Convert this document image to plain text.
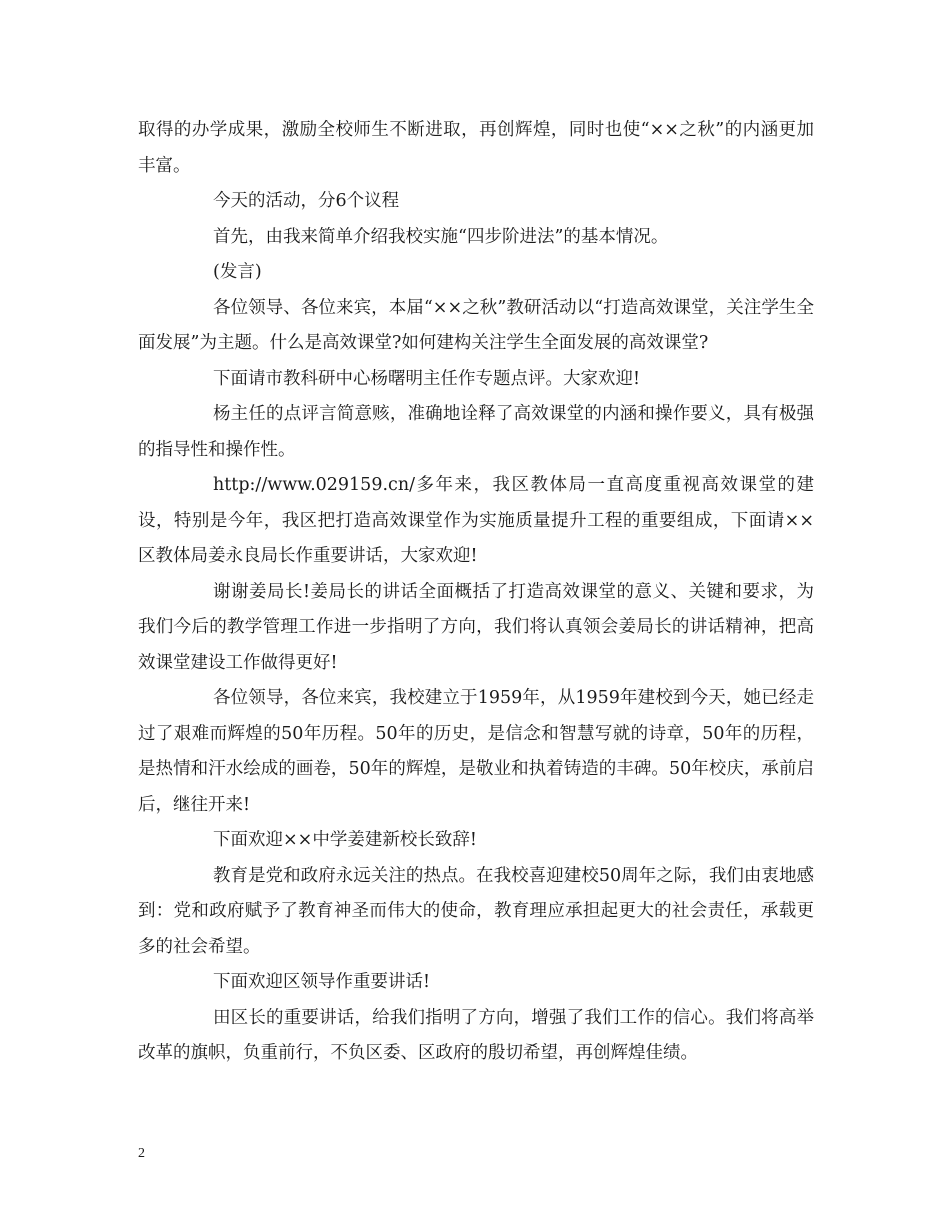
取得的办学成果，激励全校师生不断进取，再创辉煌，同时也使“××之秋”的内涵更加丰富。

今天的活动，分6个议程

首先，由我来简单介绍我校实施“四步阶进法”的基本情况。

(发言)

各位领导、各位来宾，本届“××之秋”教研活动以“打造高效课堂，关注学生全面发展”为主题。什么是高效课堂?如何建构关注学生全面发展的高效课堂?

下面请市教科研中心杨曙明主任作专题点评。大家欢迎!

杨主任的点评言简意赅，准确地诠释了高效课堂的内涵和操作要义，具有极强的指导性和操作性。

http://www.029159.cn/多年来，我区教体局一直高度重视高效课堂的建设，特别是今年，我区把打造高效课堂作为实施质量提升工程的重要组成，下面请××区教体局姜永良局长作重要讲话，大家欢迎!

谢谢姜局长!姜局长的讲话全面概括了打造高效课堂的意义、关键和要求，为我们今后的教学管理工作进一步指明了方向，我们将认真领会姜局长的讲话精神，把高效课堂建设工作做得更好!

各位领导，各位来宾，我校建立于1959年，从1959年建校到今天，她已经走过了艰难而辉煌的50年历程。50年的历史，是信念和智慧写就的诗章，50年的历程，是热情和汗水绘成的画卷，50年的辉煌，是敬业和执着铸造的丰碑。50年校庆，承前启后，继往开来!

下面欢迎××中学姜建新校长致辞!

教育是党和政府永远关注的热点。在我校喜迎建校50周年之际，我们由衷地感到：党和政府赋予了教育神圣而伟大的使命，教育理应承担起更大的社会责任，承载更多的社会希望。

下面欢迎区领导作重要讲话!

田区长的重要讲话，给我们指明了方向，增强了我们工作的信心。我们将高举改革的旗帜，负重前行，不负区委、区政府的殷切希望，再创辉煌佳绩。

2
